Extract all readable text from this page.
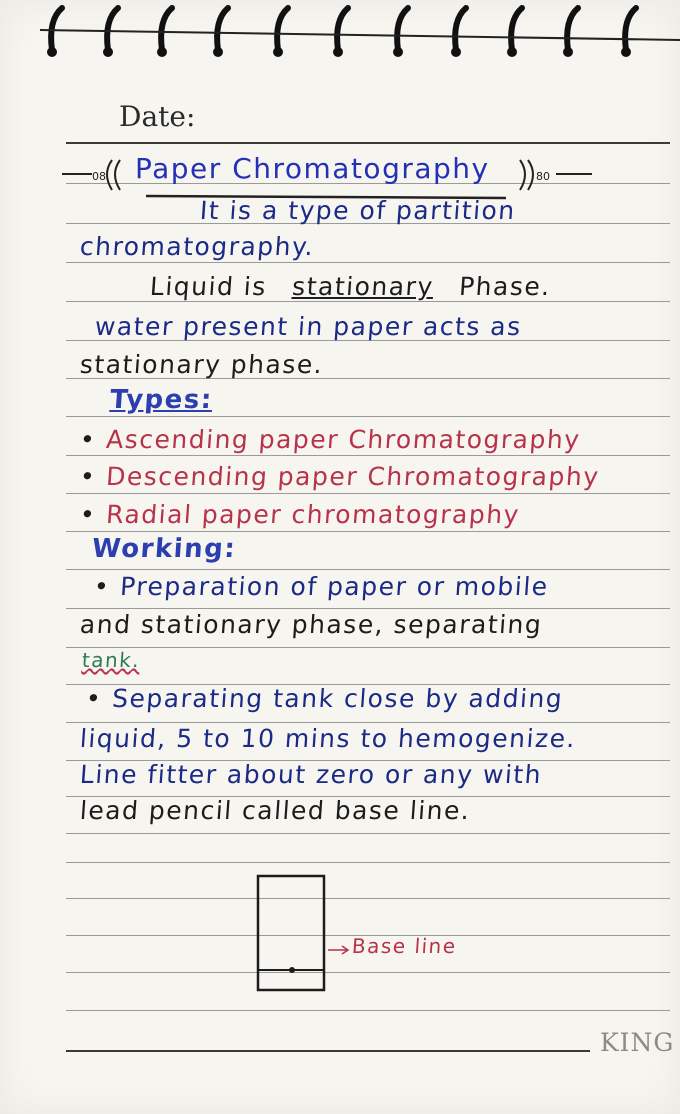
Date:
08	80
Paper Chromatography
It is a type of partition
chromatography.
Liquid is stationary Phase.
water present in paper acts as
stationary phase.
Types:
• Ascending paper Chromatography
• Descending paper Chromatography
• Radial paper chromatography
Working:
• Preparation of paper or mobile
and stationary phase, separating
tank.
• Separating tank close by adding
liquid, 5 to 10 mins to hemogenize.
Line fitter about zero or any with
lead pencil called base line.
Base line
KING
